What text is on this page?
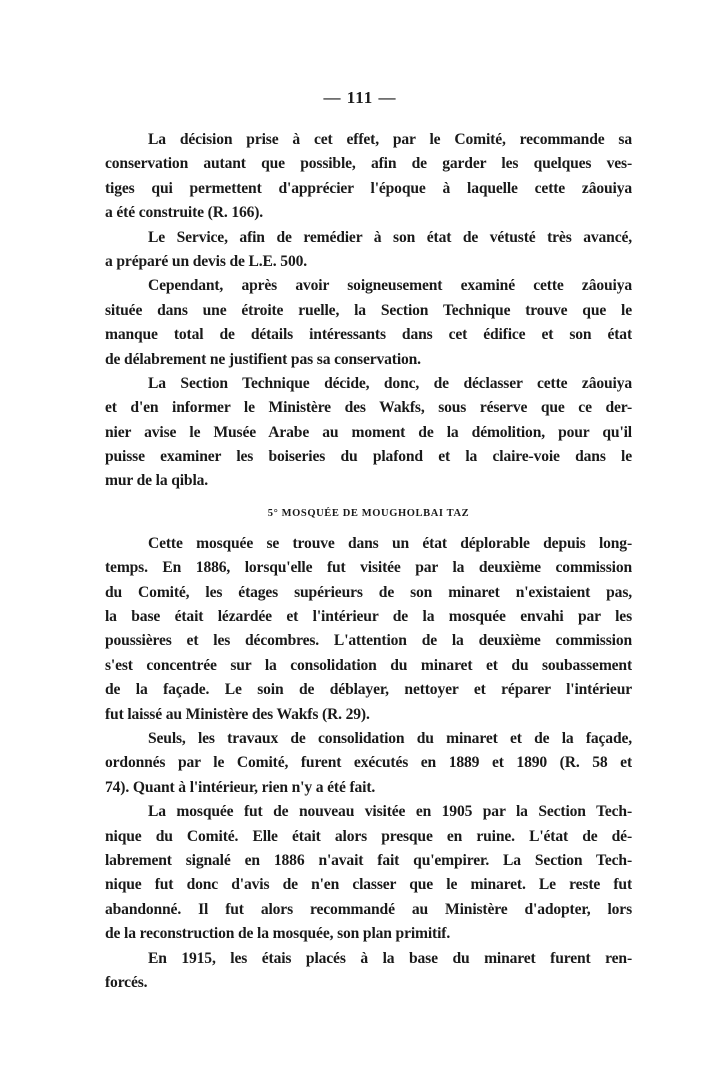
— 111 —
La décision prise à cet effet, par le Comité, recommande sa
conservation autant que possible, afin de garder les quelques ves-
tiges qui permettent d'apprécier l'époque à laquelle cette zâouiya
a été construite (R. 166).
Le Service, afin de remédier à son état de vétusté très avancé,
a préparé un devis de L.E. 500.
Cependant, après avoir soigneusement examiné cette zâouiya
située dans une étroite ruelle, la Section Technique trouve que le
manque total de détails intéressants dans cet édifice et son état
de délabrement ne justifient pas sa conservation.
La Section Technique décide, donc, de déclasser cette zâouiya
et d'en informer le Ministère des Wakfs, sous réserve que ce der-
nier avise le Musée Arabe au moment de la démolition, pour qu'il
puisse examiner les boiseries du plafond et la claire-voie dans le
mur de la qibla.
5° MOSQUÉE DE MOUGHOLBAI TAZ
Cette mosquée se trouve dans un état déplorable depuis long-
temps. En 1886, lorsqu'elle fut visitée par la deuxième commission
du Comité, les étages supérieurs de son minaret n'existaient pas,
la base était lézardée et l'intérieur de la mosquée envahi par les
poussières et les décombres. L'attention de la deuxième commission
s'est concentrée sur la consolidation du minaret et du soubassement
de la façade. Le soin de déblayer, nettoyer et réparer l'intérieur
fut laissé au Ministère des Wakfs (R. 29).
Seuls, les travaux de consolidation du minaret et de la façade,
ordonnés par le Comité, furent exécutés en 1889 et 1890 (R. 58 et
74). Quant à l'intérieur, rien n'y a été fait.
La mosquée fut de nouveau visitée en 1905 par la Section Tech-
nique du Comité. Elle était alors presque en ruine. L'état de dé-
labrement signalé en 1886 n'avait fait qu'empirer. La Section Tech-
nique fut donc d'avis de n'en classer que le minaret. Le reste fut
abandonné. Il fut alors recommandé au Ministère d'adopter, lors
de la reconstruction de la mosquée, son plan primitif.
En 1915, les étais placés à la base du minaret furent ren-
forcés.
